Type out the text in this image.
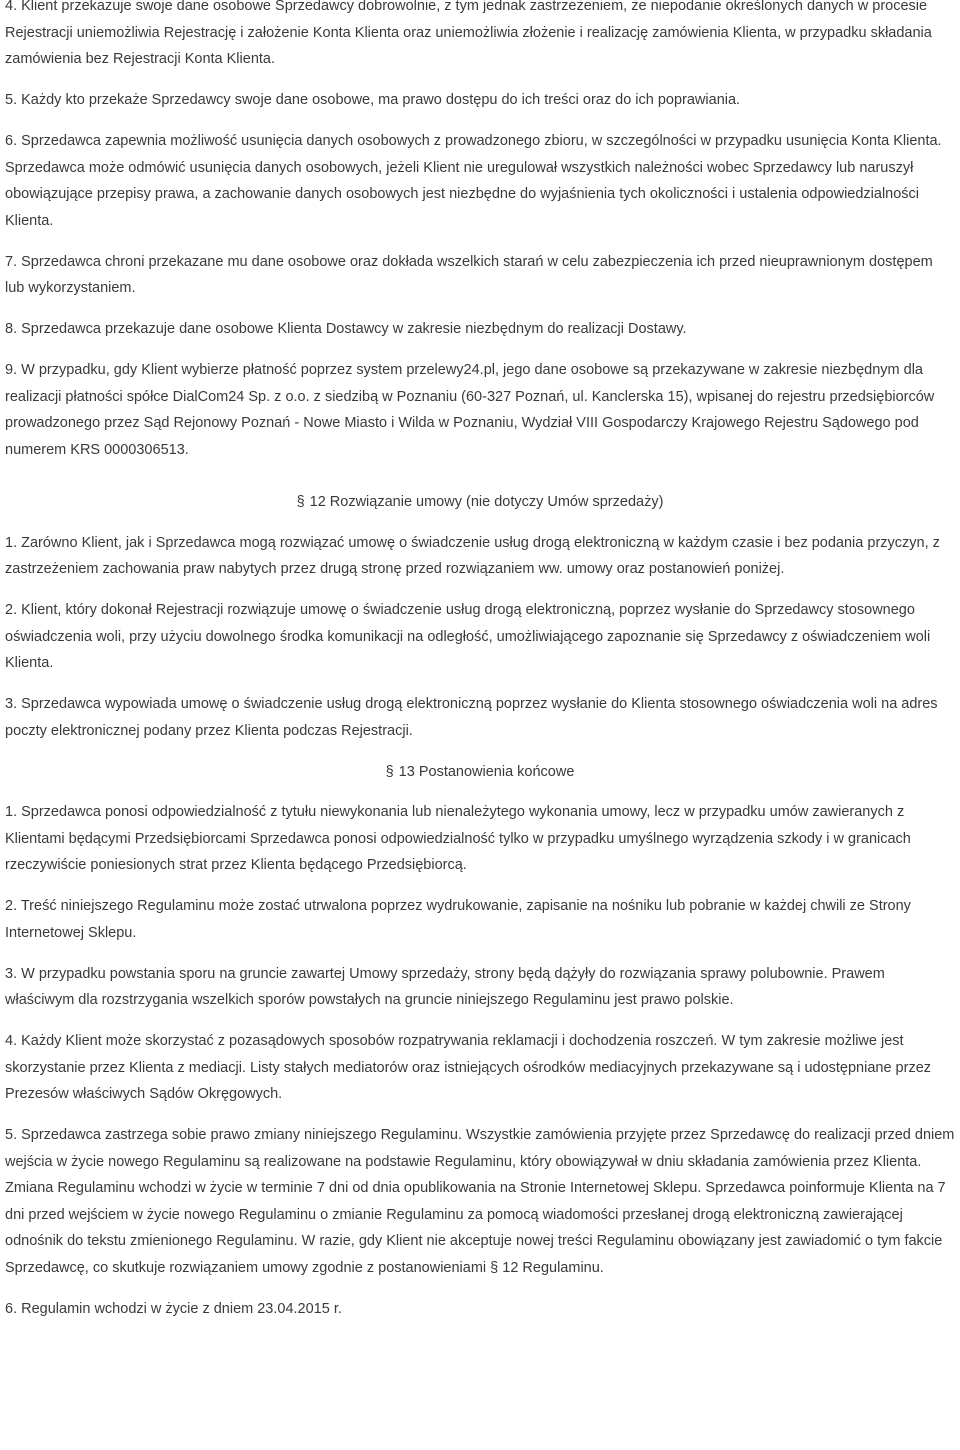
4. Klient przekazuje swoje dane osobowe Sprzedawcy dobrowolnie, z tym jednak zastrzeżeniem, że niepodanie określonych danych w procesie Rejestracji uniemożliwia Rejestrację i założenie Konta Klienta oraz uniemożliwia złożenie i realizację zamówienia Klienta, w przypadku składania zamówienia bez Rejestracji Konta Klienta.

5. Każdy kto przekaże Sprzedawcy swoje dane osobowe, ma prawo dostępu do ich treści oraz do ich poprawiania.

6. Sprzedawca zapewnia możliwość usunięcia danych osobowych z prowadzonego zbioru, w szczególności w przypadku usunięcia Konta Klienta. Sprzedawca może odmówić usunięcia danych osobowych, jeżeli Klient nie uregulował wszystkich należności wobec Sprzedawcy lub naruszył obowiązujące przepisy prawa, a zachowanie danych osobowych jest niezbędne do wyjaśnienia tych okoliczności i ustalenia odpowiedzialności Klienta.

7. Sprzedawca chroni przekazane mu dane osobowe oraz dokłada wszelkich starań w celu zabezpieczenia ich przed nieuprawnionym dostępem lub wykorzystaniem.

8. Sprzedawca przekazuje dane osobowe Klienta Dostawcy w zakresie niezbędnym do realizacji Dostawy.

9. W przypadku, gdy Klient wybierze płatność poprzez system przelewy24.pl, jego dane osobowe są przekazywane w zakresie niezbędnym dla realizacji płatności spółce DialCom24 Sp. z o.o. z siedzibą w Poznaniu (60-327 Poznań, ul. Kanclerska 15), wpisanej do rejestru przedsiębiorców prowadzonego przez Sąd Rejonowy Poznań - Nowe Miasto i Wilda w Poznaniu, Wydział VIII Gospodarczy Krajowego Rejestru Sądowego pod numerem KRS 0000306513.

§ 12 Rozwiązanie umowy (nie dotyczy Umów sprzedaży)

1. Zarówno Klient, jak i Sprzedawca mogą rozwiązać umowę o świadczenie usług drogą elektroniczną w każdym czasie i bez podania przyczyn, z zastrzeżeniem zachowania praw nabytych przez drugą stronę przed rozwiązaniem ww. umowy oraz postanowień poniżej.

2. Klient, który dokonał Rejestracji rozwiązuje umowę o świadczenie usług drogą elektroniczną, poprzez wysłanie do Sprzedawcy stosownego oświadczenia woli, przy użyciu dowolnego środka komunikacji na odległość, umożliwiającego zapoznanie się Sprzedawcy z oświadczeniem woli Klienta.

3. Sprzedawca wypowiada umowę o świadczenie usług drogą elektroniczną poprzez wysłanie do Klienta stosownego oświadczenia woli na adres poczty elektronicznej podany przez Klienta podczas Rejestracji.

§ 13 Postanowienia końcowe

1. Sprzedawca ponosi odpowiedzialność z tytułu niewykonania lub nienależytego wykonania umowy, lecz w przypadku umów zawieranych z Klientami będącymi Przedsiębiorcami Sprzedawca ponosi odpowiedzialność tylko w przypadku umyślnego wyrządzenia szkody i w granicach rzeczywiście poniesionych strat przez Klienta będącego Przedsiębiorcą.

2. Treść niniejszego Regulaminu może zostać utrwalona poprzez wydrukowanie, zapisanie na nośniku lub pobranie w każdej chwili ze Strony Internetowej Sklepu.

3. W przypadku powstania sporu na gruncie zawartej Umowy sprzedaży, strony będą dążyły do rozwiązania sprawy polubownie. Prawem właściwym dla rozstrzygania wszelkich sporów powstałych na gruncie niniejszego Regulaminu jest prawo polskie.

4. Każdy Klient może skorzystać z pozasądowych sposobów rozpatrywania reklamacji i dochodzenia roszczeń. W tym zakresie możliwe jest skorzystanie przez Klienta z mediacji. Listy stałych mediatorów oraz istniejących ośrodków mediacyjnych przekazywane są i udostępniane przez Prezesów właściwych Sądów Okręgowych.

5. Sprzedawca zastrzega sobie prawo zmiany niniejszego Regulaminu. Wszystkie zamówienia przyjęte przez Sprzedawcę do realizacji przed dniem wejścia w życie nowego Regulaminu są realizowane na podstawie Regulaminu, który obowiązywał w dniu składania zamówienia przez Klienta. Zmiana Regulaminu wchodzi w życie w terminie 7 dni od dnia opublikowania na Stronie Internetowej Sklepu. Sprzedawca poinformuje Klienta na 7 dni przed wejściem w życie nowego Regulaminu o zmianie Regulaminu za pomocą wiadomości przesłanej drogą elektroniczną zawierającej odnośnik do tekstu zmienionego Regulaminu. W razie, gdy Klient nie akceptuje nowej treści Regulaminu obowiązany jest zawiadomić o tym fakcie Sprzedawcę, co skutkuje rozwiązaniem umowy zgodnie z postanowieniami § 12 Regulaminu.

6. Regulamin wchodzi w życie z dniem 23.04.2015 r.
